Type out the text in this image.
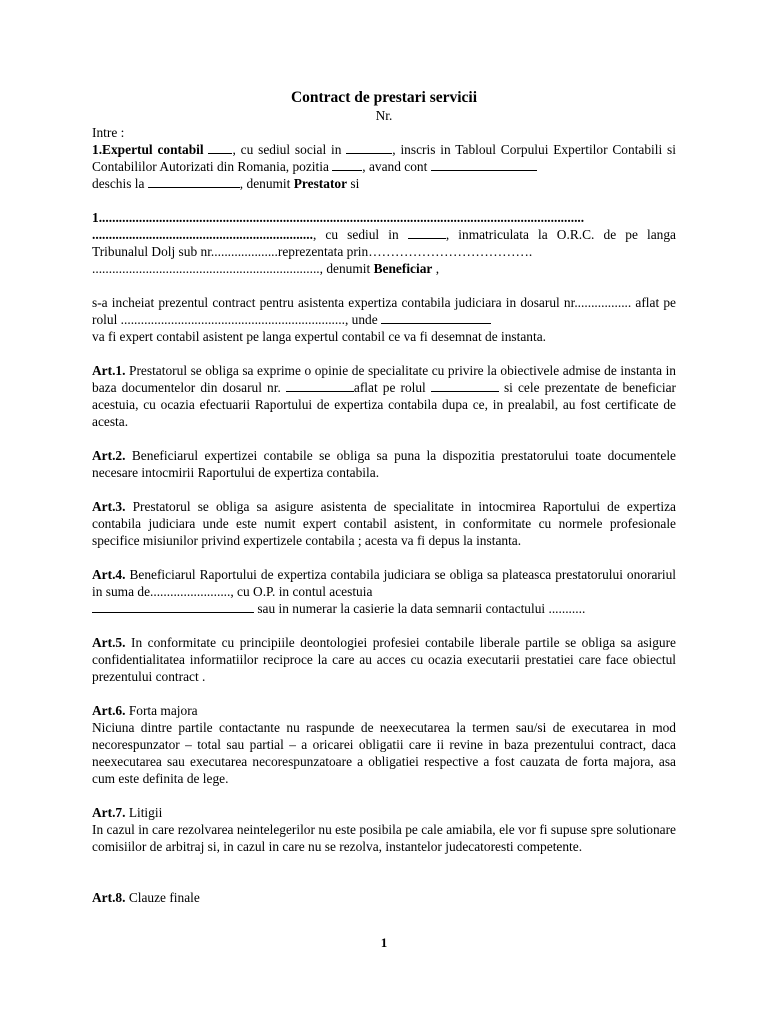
Contract de prestari servicii
Nr.

Intre :

1.Expertul contabil , cu sediul social in	, inscris in Tabloul Corpului Expertilor Contabili si Contabililor Autorizati din Romania, pozitia , avand cont
deschis la	, denumit Prestator si

1.................................................................................................................................................

.................................................................., cu sediul in	, inmatriculata la O.R.C. de pe langa Tribunalul Dolj sub nr....................reprezentata prin……………………………….
...................................................................., denumit Beneficiar ,

s-a incheiat prezentul contract pentru asistenta expertiza contabila judiciara in dosarul nr................. aflat pe rolul ..................................................................., unde
va fi expert contabil asistent pe langa expertul contabil ce va fi desemnat de instanta.

Art.1. Prestatorul se obliga sa exprime o opinie de specialitate cu privire la obiectivele admise de instanta in baza documentelor din dosarul nr.	aflat pe rolul	si cele prezentate de beneficiar acestuia, cu ocazia efectuarii Raportului de expertiza contabila dupa ce, in prealabil, au fost certificate de acesta.

Art.2. Beneficiarul expertizei contabile se obliga sa puna la dispozitia prestatorului toate documentele necesare intocmirii Raportului de expertiza contabila.

Art.3. Prestatorul se obliga sa asigure asistenta de specialitate in intocmirea Raportului de expertiza contabila judiciara unde este numit expert contabil asistent, in conformitate cu normele profesionale specifice misiunilor privind expertizele contabila ; acesta va fi depus la instanta.

Art.4. Beneficiarul Raportului de expertiza contabila judiciara se obliga sa plateasca prestatorului onorariul in suma de........................, cu O.P. in contul acestuia
sau in numerar la casierie la data semnarii contactului ...........

Art.5. In conformitate cu principiile deontologiei profesiei contabile liberale partile se obliga sa asigure confidentialitatea informatiilor reciproce la care au acces cu ocazia executarii prestatiei care face obiectul prezentului contract .

Art.6. Forta majora

Niciuna dintre partile contactante nu raspunde de neexecutarea la termen sau/si de executarea in mod necorespunzator – total sau partial – a oricarei obligatii care ii revine in baza prezentului contract, daca neexecutarea sau executarea necorespunzatoare a obligatiei respective a fost cauzata de forta majora, asa cum este definita de lege.

Art.7. Litigii

In cazul in care rezolvarea neintelegerilor nu este posibila pe cale amiabila, ele vor fi supuse spre solutionare comisiilor de arbitraj si, in cazul in care nu se rezolva, instantelor judecatoresti competente.

Art.8. Clauze finale

1
